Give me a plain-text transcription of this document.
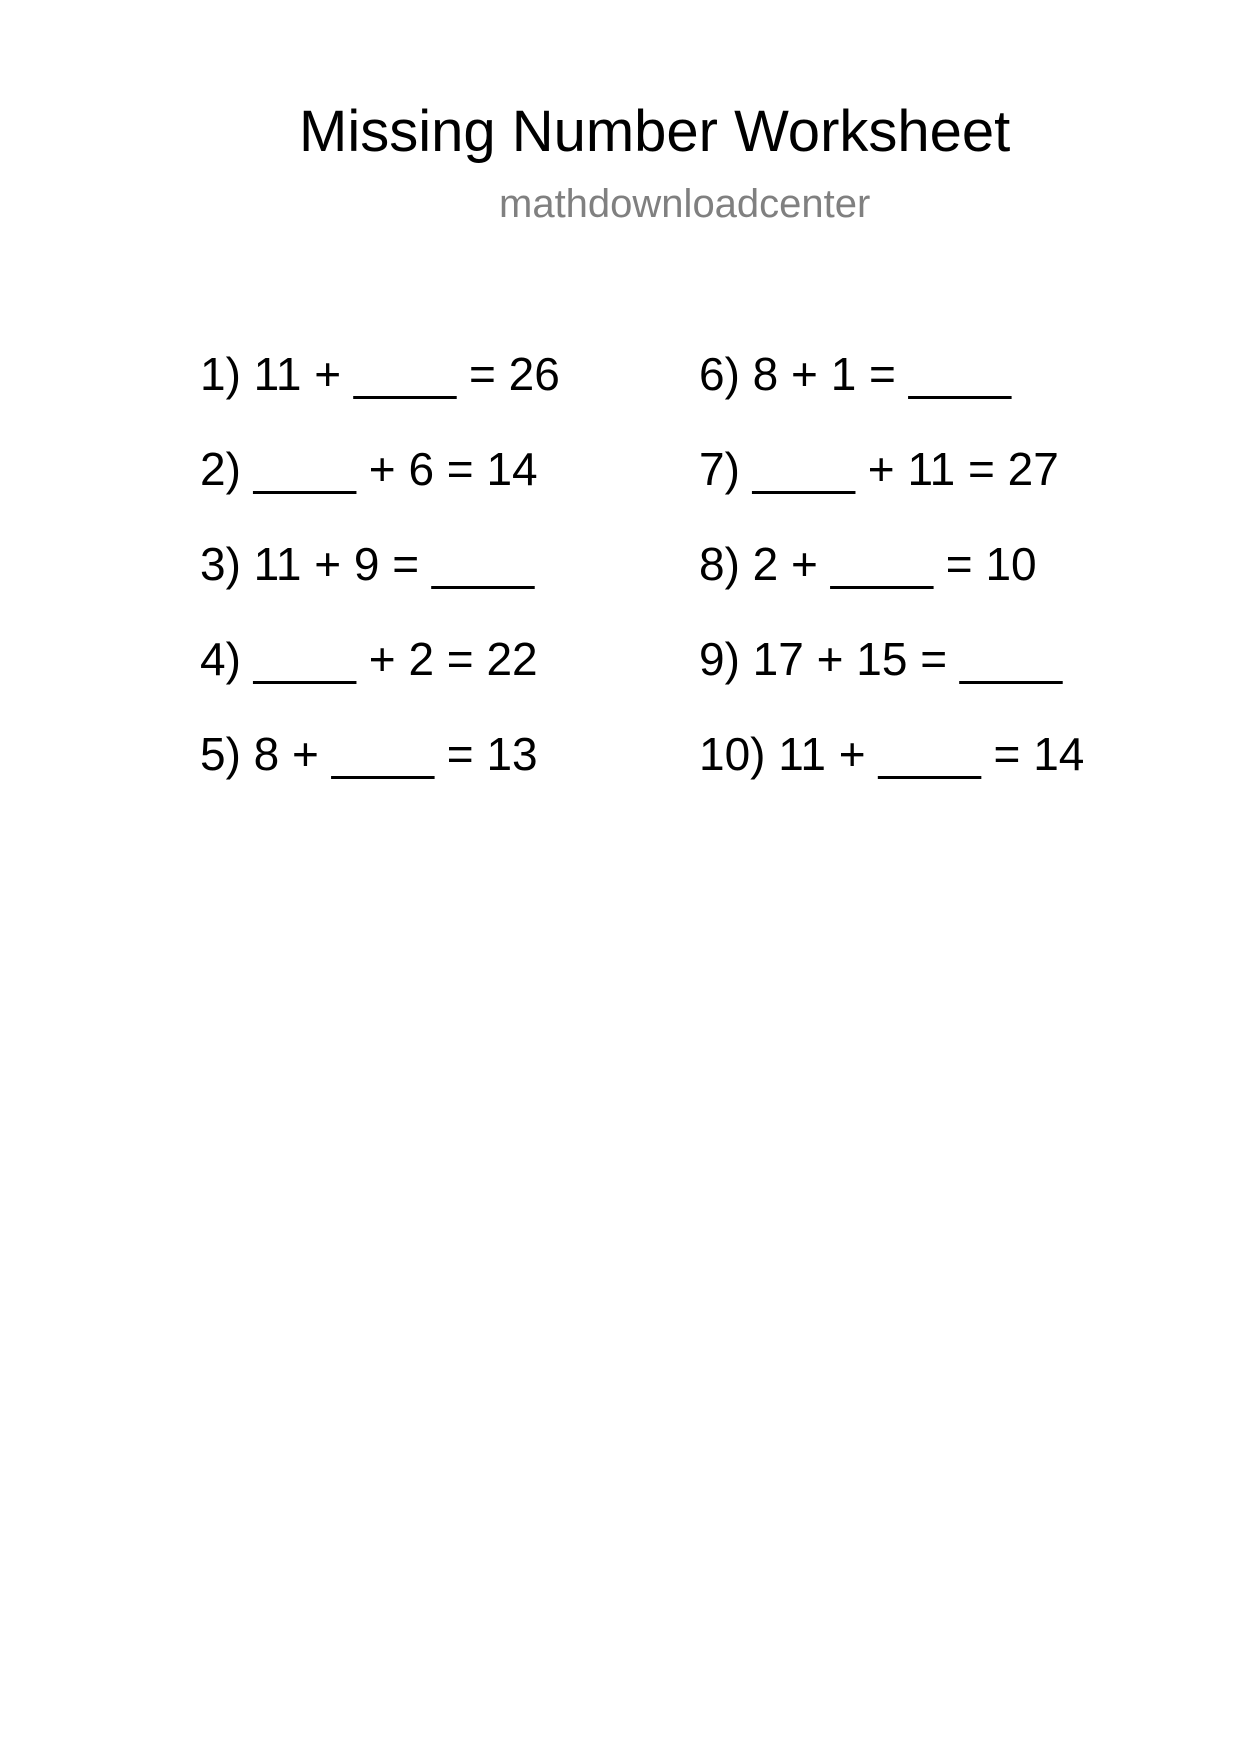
Missing Number Worksheet
mathdownloadcenter
1) 11 + ____ = 26
2) ____ + 6 = 14
3) 11 + 9 = ____
4) ____ + 2 = 22
5) 8 + ____ = 13
6) 8 + 1 = ____
7) ____ + 11 = 27
8) 2 + ____ = 10
9) 17 + 15 = ____
10) 11 + ____ = 14
